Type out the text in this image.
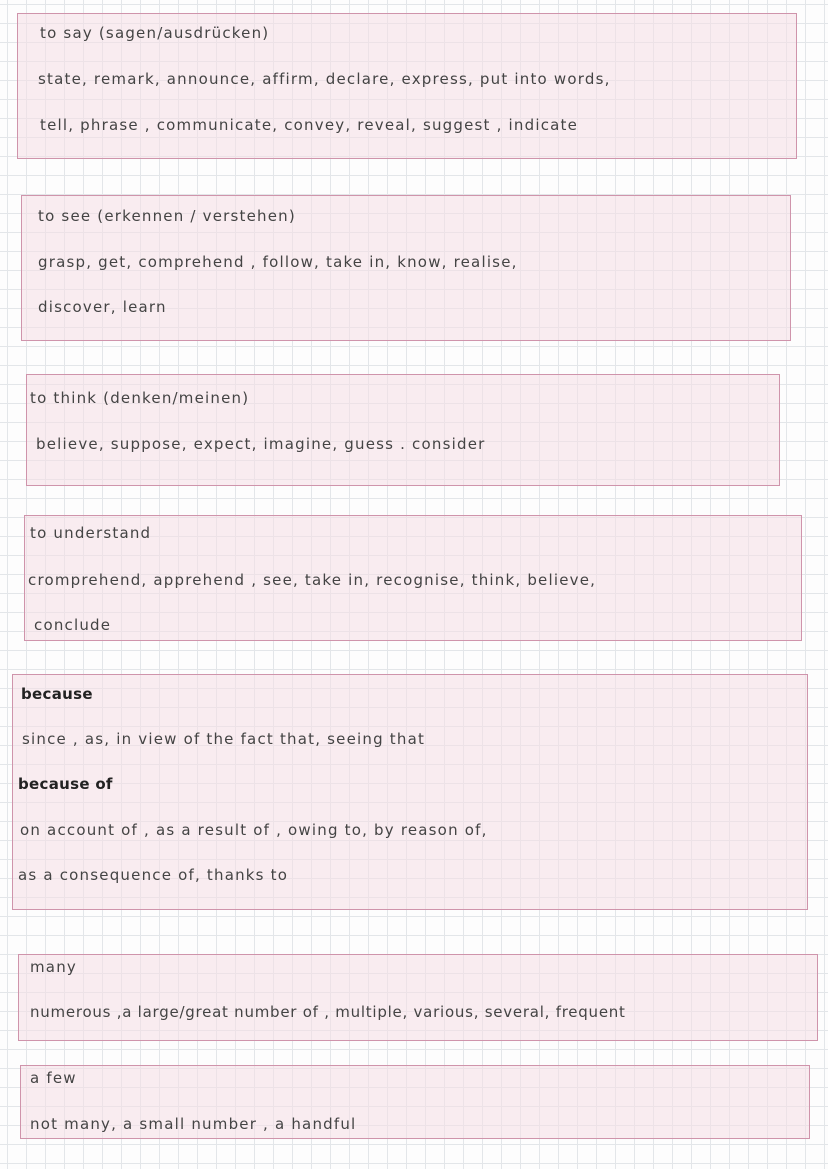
to say (sagen/ausdrücken)
state, remark, announce, affirm, declare, express, put into words,
tell, phrase , communicate, convey, reveal, suggest , indicate
to see (erkennen / verstehen)
grasp, get, comprehend , follow, take in, know, realise,
discover, learn
to think (denken/meinen)
believe, suppose, expect, imagine, guess . consider
to understand
cromprehend, apprehend , see, take in, recognise, think, believe,
conclude
because
since , as, in view of the fact that, seeing that
because of
on account of , as a result of , owing to, by reason of,
as a consequence of, thanks to
many
numerous ,a large/great number of , multiple, various, several, frequent
a few
not many, a small number , a handful
